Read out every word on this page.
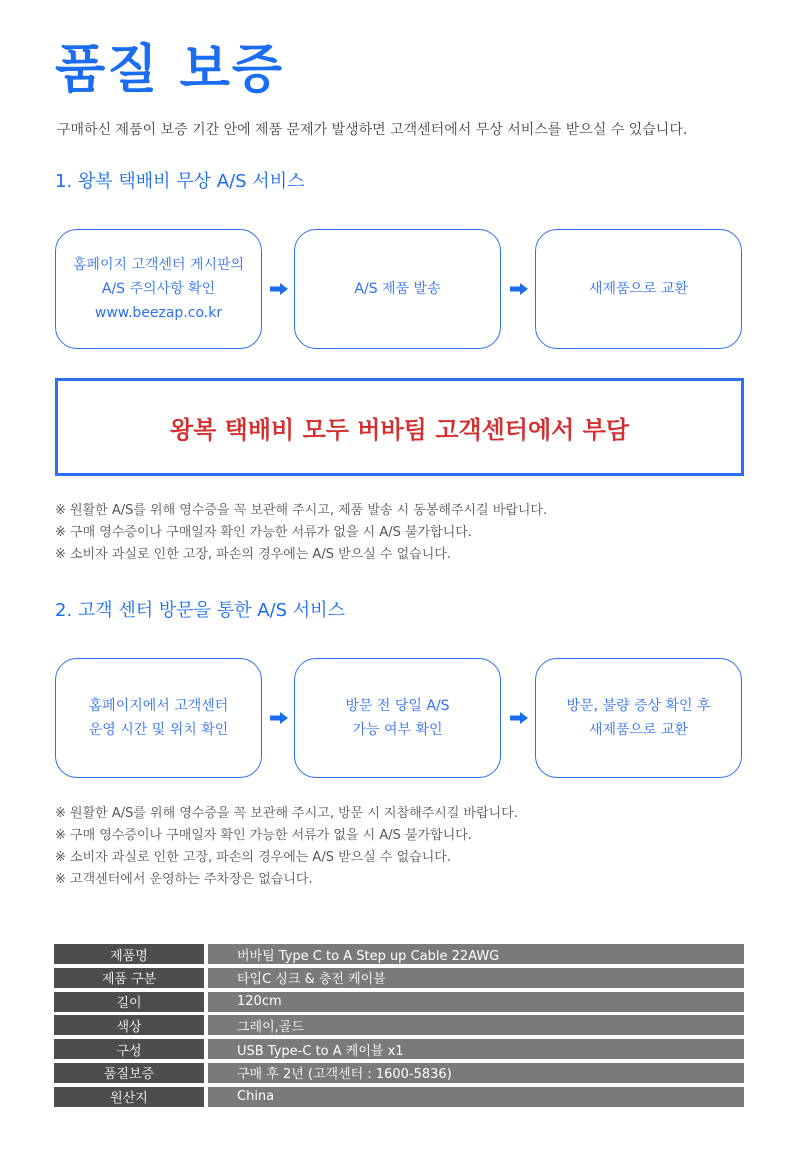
품질 보증
구매하신 제품이 보증 기간 안에 제품 문제가 발생하면 고객센터에서 무상 서비스를 받으실 수 있습니다.
1. 왕복 택배비 무상 A/S 서비스
홈페이지 고객센터 게시판의
A/S 주의사항 확인
www.beezap.co.kr
A/S 제품 발송	새제품으로 교환
왕복 택배비 모두 버바팀 고객센터에서 부담
※ 원활한 A/S를 위해 영수증을 꼭 보관해 주시고, 제품 발송 시 동봉해주시길 바랍니다.
※ 구매 영수증이나 구매일자 확인 가능한 서류가 없을 시 A/S 불가합니다.
※ 소비자 과실로 인한 고장, 파손의 경우에는 A/S 받으실 수 없습니다.
2. 고객 센터 방문을 통한 A/S 서비스
홈페이지에서 고객센터
운영 시간 및 위치 확인
방문 전 당일 A/S
가능 여부 확인
방문, 불량 증상 확인 후
새제품으로 교환
※ 원활한 A/S를 위해 영수증을 꼭 보관해 주시고, 방문 시 지참해주시길 바랍니다.
※ 구매 영수증이나 구매일자 확인 가능한 서류가 없을 시 A/S 불가합니다.
※ 소비자 과실로 인한 고장, 파손의 경우에는 A/S 받으실 수 없습니다.
※ 고객센터에서 운영하는 주차장은 없습니다.
제품명	버바팀 Type C to A Step up Cable 22AWG
제품 구분	타입C 싱크 & 충전 케이블
길이	120cm
색상	그레이,골드
구성	USB Type-C to A 케이블 x1
품질보증	구매 후 2년 (고객센터 : 1600-5836)
원산지	China
